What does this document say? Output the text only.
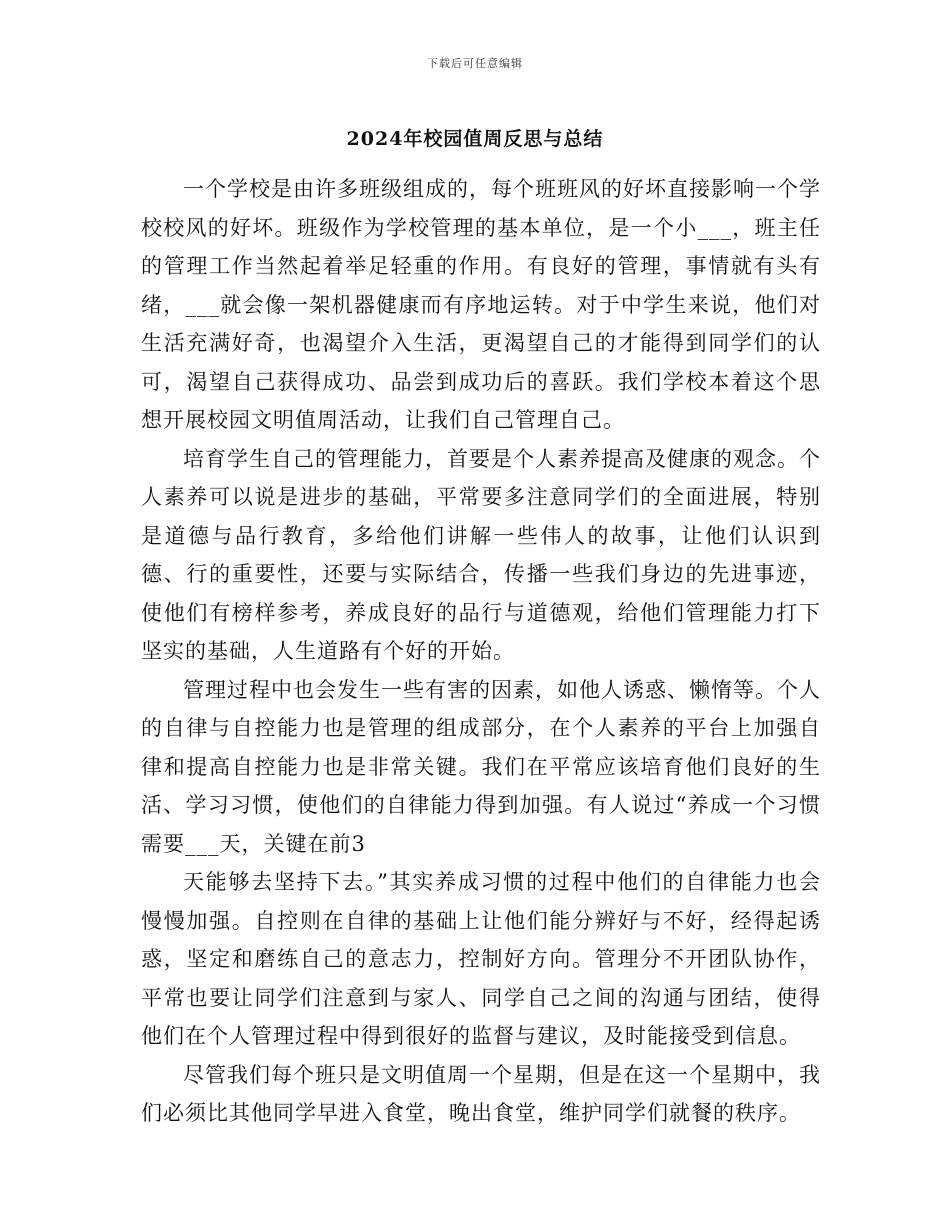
下载后可任意编辑
2024年校园值周反思与总结

一个学校是由许多班级组成的，每个班班风的好坏直接影响一个学校校风的好坏。班级作为学校管理的基本单位，是一个小___，班主任的管理工作当然起着举足轻重的作用。有良好的管理，事情就有头有绪，___就会像一架机器健康而有序地运转。对于中学生来说，他们对生活充满好奇，也渴望介入生活，更渴望自己的才能得到同学们的认可，渴望自己获得成功、品尝到成功后的喜跃。我们学校本着这个思想开展校园文明值周活动，让我们自己管理自己。

培育学生自己的管理能力，首要是个人素养提高及健康的观念。个人素养可以说是进步的基础，平常要多注意同学们的全面进展，特别是道德与品行教育，多给他们讲解一些伟人的故事，让他们认识到德、行的重要性，还要与实际结合，传播一些我们身边的先进事迹，使他们有榜样参考，养成良好的品行与道德观，给他们管理能力打下坚实的基础，人生道路有个好的开始。

管理过程中也会发生一些有害的因素，如他人诱惑、懒惰等。个人的自律与自控能力也是管理的组成部分，在个人素养的平台上加强自律和提高自控能力也是非常关键。我们在平常应该培育他们良好的生活、学习习惯，使他们的自律能力得到加强。有人说过“养成一个习惯需要___天，关键在前3

天能够去坚持下去。”其实养成习惯的过程中他们的自律能力也会慢慢加强。自控则在自律的基础上让他们能分辨好与不好，经得起诱惑，坚定和磨练自己的意志力，控制好方向。管理分不开团队协作，平常也要让同学们注意到与家人、同学自己之间的沟通与团结，使得他们在个人管理过程中得到很好的监督与建议，及时能接受到信息。

尽管我们每个班只是文明值周一个星期，但是在这一个星期中，我们必须比其他同学早进入食堂，晚出食堂，维护同学们就餐的秩序。
